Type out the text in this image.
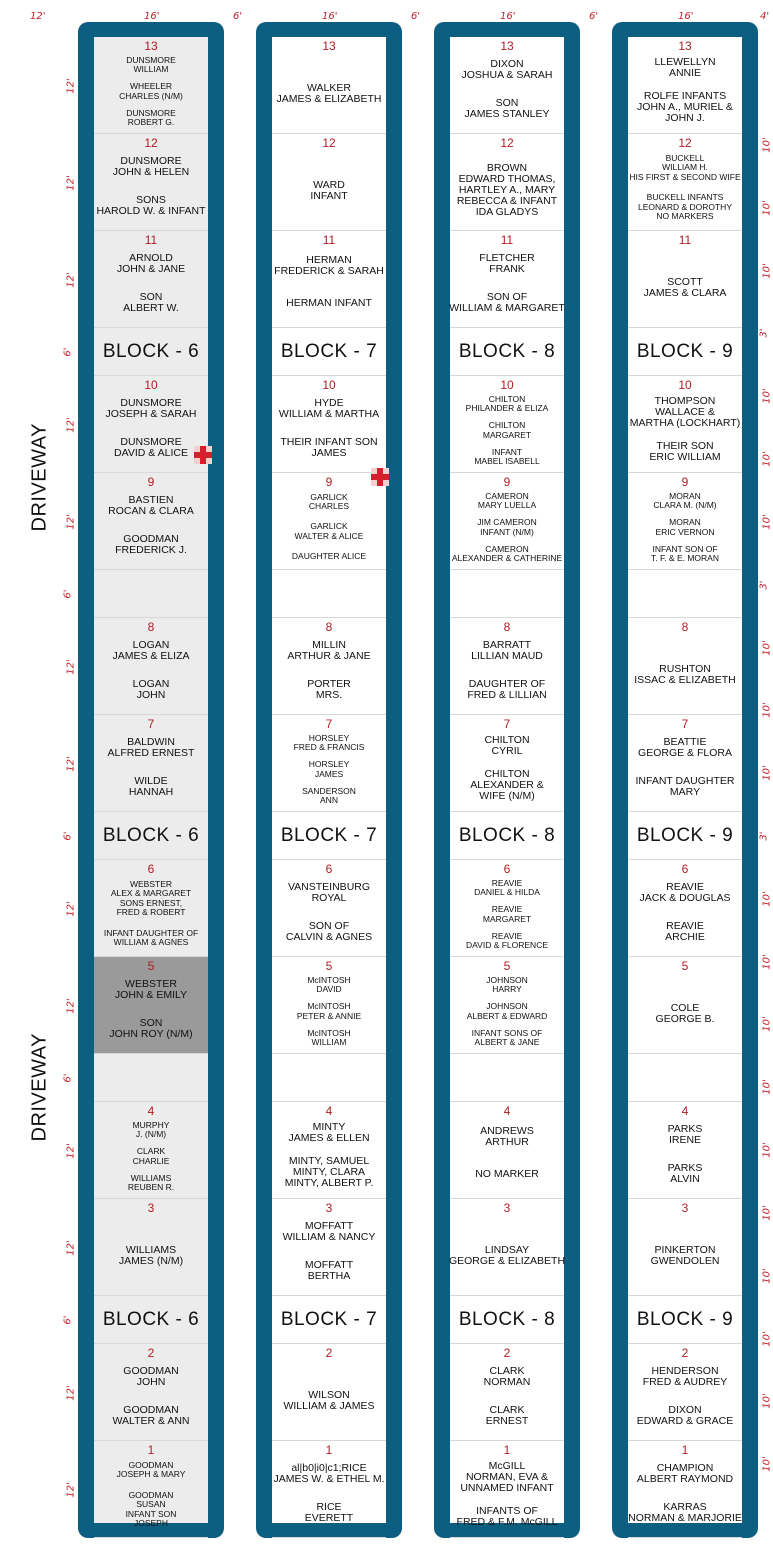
12'	16'	6'	16'	6'	16'	6'	16'	4'
DRIVEWAY
DRIVEWAY
12'
12'
12'
6'
12'
12'
6'
12'
12'
6'
12'
12'
6'
12'
12'
6'
12'
12'
10'
10'
10'
3'
10'
10'
10'
3'
10'
10'
10'
3'
10'
10'
10'
10'
10'
10'
10'
10'
10'
10'
13
DUNSMORE
WILLIAM
WHEELER
CHARLES (N/M)
DUNSMORE
ROBERT G.
12
DUNSMORE
JOHN & HELEN
SONS
HAROLD W. & INFANT
11
ARNOLD
JOHN & JANE
SON
ALBERT W.
BLOCK - 6
10
DUNSMORE
JOSEPH & SARAH
DUNSMORE
DAVID & ALICE
9
BASTIEN
ROCAN & CLARA
GOODMAN
FREDERICK J.
8
LOGAN
JAMES & ELIZA
LOGAN
JOHN
7
BALDWIN
ALFRED ERNEST
WILDE
HANNAH
BLOCK - 6
6
WEBSTER
ALEX & MARGARET
SONS ERNEST,
FRED & ROBERT
INFANT DAUGHTER OF
WILLIAM & AGNES
5
WEBSTER
JOHN & EMILY
SON
JOHN ROY (N/M)
4
MURPHY
J. (N/M)
CLARK
CHARLIE
WILLIAMS
REUBEN R.
3
WILLIAMS
JAMES (N/M)
BLOCK - 6
2
GOODMAN
JOHN
GOODMAN
WALTER & ANN
1
GOODMAN
JOSEPH & MARY
GOODMAN
SUSAN
INFANT SON
JOSEPH
13
WALKER
JAMES & ELIZABETH
12
WARD
INFANT
11
HERMAN
FREDERICK & SARAH
HERMAN INFANT
BLOCK - 7
10
HYDE
WILLIAM & MARTHA
THEIR INFANT SON
JAMES
9
GARLICK
CHARLES
GARLICK
WALTER & ALICE
DAUGHTER ALICE
8
MILLIN
ARTHUR & JANE
PORTER
MRS.
7
HORSLEY
FRED & FRANCIS
HORSLEY
JAMES
SANDERSON
ANN
BLOCK - 7
6
VANSTEINBURG
ROYAL
SON OF
CALVIN & AGNES
5
McINTOSH
DAVID
McINTOSH
PETER & ANNIE
McINTOSH
WILLIAM
4
MINTY
JAMES & ELLEN
MINTY, SAMUEL
MINTY, CLARA
MINTY, ALBERT P.
3
MOFFATT
WILLIAM & NANCY
MOFFATT
BERTHA
BLOCK - 7
2
WILSON
WILLIAM & JAMES
1
al|b0|i0|c1;RICE
JAMES W. & ETHEL M.
RICE
EVERETT
13
DIXON
JOSHUA & SARAH
SON
JAMES STANLEY
12
BROWN
EDWARD THOMAS,
HARTLEY A., MARY
REBECCA & INFANT
IDA GLADYS
11
FLETCHER
FRANK
SON OF
WILLIAM & MARGARET
BLOCK - 8
10
CHILTON
PHILANDER & ELIZA
CHILTON
MARGARET
INFANT
MABEL ISABELL
9
CAMERON
MARY LUELLA
JIM CAMERON
INFANT (N/M)
CAMERON
ALEXANDER & CATHERINE
8
BARRATT
LILLIAN MAUD
DAUGHTER OF
FRED & LILLIAN
7
CHILTON
CYRIL
CHILTON
ALEXANDER &
WIFE (N/M)
BLOCK - 8
6
REAVIE
DANIEL & HILDA
REAVIE
MARGARET
REAVIE
DAVID & FLORENCE
5
JOHNSON
HARRY
JOHNSON
ALBERT & EDWARD
INFANT SONS OF
ALBERT & JANE
4
ANDREWS
ARTHUR
NO MARKER
3
LINDSAY
GEORGE & ELIZABETH
BLOCK - 8
2
CLARK
NORMAN
CLARK
ERNEST
1
McGILL
NORMAN, EVA &
UNNAMED INFANT
INFANTS OF
FRED & F.M. McGILL
13
LLEWELLYN
ANNIE
ROLFE INFANTS
JOHN A., MURIEL &
JOHN J.
12
BUCKELL
WILLIAM H.
HIS FIRST & SECOND WIFE
BUCKELL INFANTS
LEONARD & DOROTHY
NO MARKERS
11
SCOTT
JAMES & CLARA
BLOCK - 9
10
THOMPSON
WALLACE &
MARTHA (LOCKHART)
THEIR SON
ERIC WILLIAM
9
MORAN
CLARA M. (N/M)
MORAN
ERIC VERNON
INFANT SON OF
T. F. & E. MORAN
8
RUSHTON
ISSAC & ELIZABETH
7
BEATTIE
GEORGE & FLORA
INFANT DAUGHTER
MARY
BLOCK - 9
6
REAVIE
JACK & DOUGLAS
REAVIE
ARCHIE
5
COLE
GEORGE B.
4
PARKS
IRENE
PARKS
ALVIN
3
PINKERTON
GWENDOLEN
BLOCK - 9
2
HENDERSON
FRED & AUDREY
DIXON
EDWARD & GRACE
1
CHAMPION
ALBERT RAYMOND
KARRAS
NORMAN & MARJORIE
